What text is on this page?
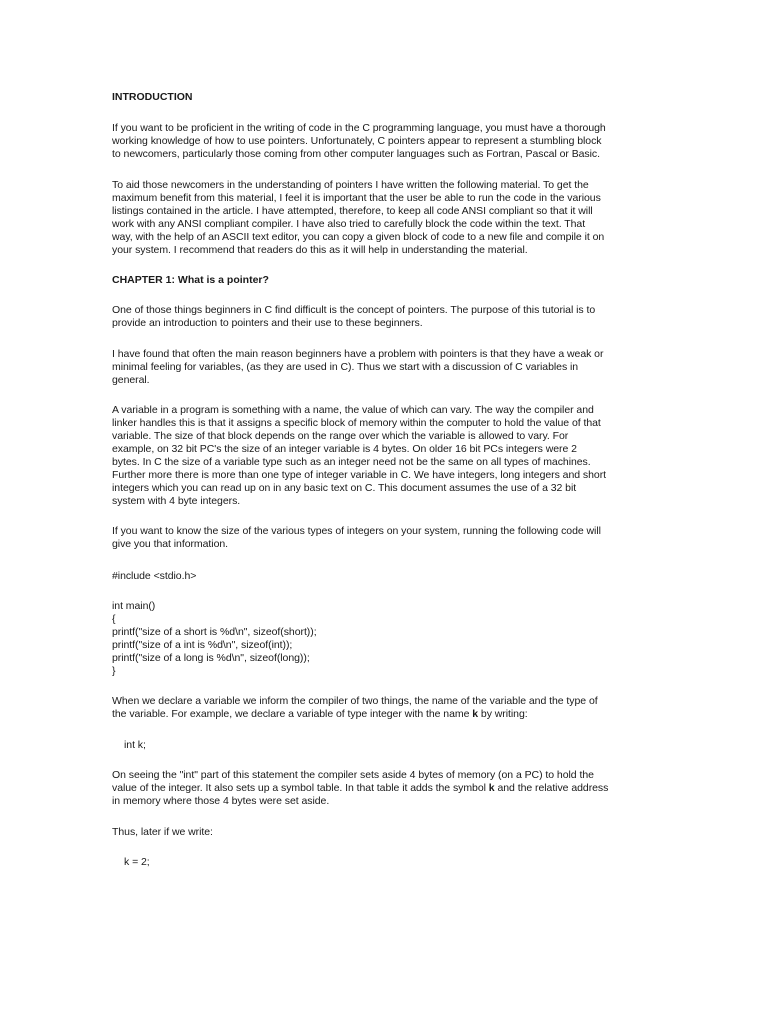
INTRODUCTION

If you want to be proficient in the writing of code in the C programming language, you must have a thorough
working knowledge of how to use pointers. Unfortunately, C pointers appear to represent a stumbling block
to newcomers, particularly those coming from other computer languages such as Fortran, Pascal or Basic.

To aid those newcomers in the understanding of pointers I have written the following material. To get the
maximum benefit from this material, I feel it is important that the user be able to run the code in the various
listings contained in the article. I have attempted, therefore, to keep all code ANSI compliant so that it will
work with any ANSI compliant compiler. I have also tried to carefully block the code within the text. That
way, with the help of an ASCII text editor, you can copy a given block of code to a new file and compile it on
your system. I recommend that readers do this as it will help in understanding the material.

CHAPTER 1: What is a pointer?

One of those things beginners in C find difficult is the concept of pointers. The purpose of this tutorial is to
provide an introduction to pointers and their use to these beginners.

I have found that often the main reason beginners have a problem with pointers is that they have a weak or
minimal feeling for variables, (as they are used in C). Thus we start with a discussion of C variables in
general.

A variable in a program is something with a name, the value of which can vary. The way the compiler and
linker handles this is that it assigns a specific block of memory within the computer to hold the value of that
variable. The size of that block depends on the range over which the variable is allowed to vary. For
example, on 32 bit PC's the size of an integer variable is 4 bytes. On older 16 bit PCs integers were 2
bytes. In C the size of a variable type such as an integer need not be the same on all types of machines.
Further more there is more than one type of integer variable in C. We have integers, long integers and short
integers which you can read up on in any basic text on C. This document assumes the use of a 32 bit
system with 4 byte integers.

If you want to know the size of the various types of integers on your system, running the following code will
give you that information.

#include <stdio.h>

int main()
{
printf("size of a short is %d\n", sizeof(short));
printf("size of a int is %d\n", sizeof(int));
printf("size of a long is %d\n", sizeof(long));
}

When we declare a variable we inform the compiler of two things, the name of the variable and the type of
the variable. For example, we declare a variable of type integer with the name k by writing:

int k;

On seeing the "int" part of this statement the compiler sets aside 4 bytes of memory (on a PC) to hold the
value of the integer. It also sets up a symbol table. In that table it adds the symbol k and the relative address
in memory where those 4 bytes were set aside.

Thus, later if we write:

k = 2;
